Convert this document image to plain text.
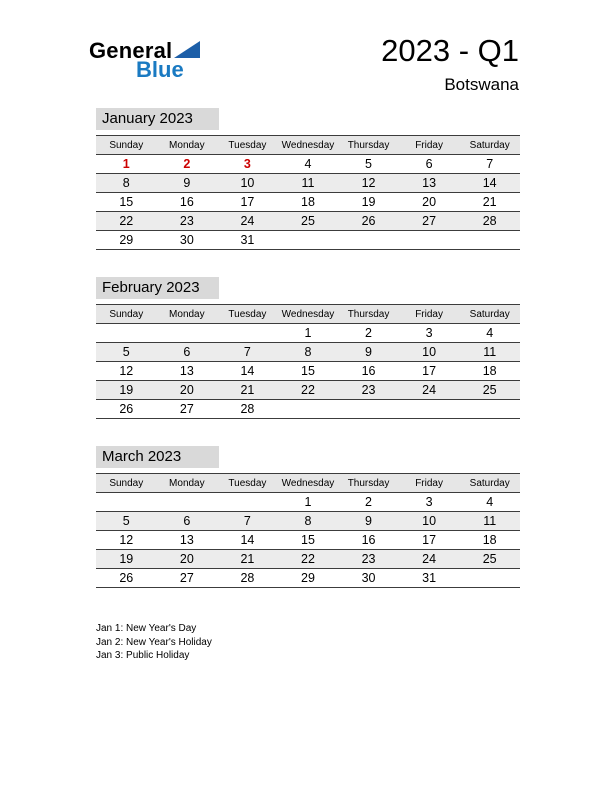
General
Blue
2023 - Q1
Botswana
January 2023
Sunday	Monday	Tuesday	Wednesday	Thursday	Friday	Saturday
1	2	3	4	5	6	7
8	9	10	11	12	13	14
15	16	17	18	19	20	21
22	23	24	25	26	27	28
29	30	31				
February 2023
Sunday	Monday	Tuesday	Wednesday	Thursday	Friday	Saturday
			1	2	3	4
5	6	7	8	9	10	11
12	13	14	15	16	17	18
19	20	21	22	23	24	25
26	27	28				
March 2023
Sunday	Monday	Tuesday	Wednesday	Thursday	Friday	Saturday
			1	2	3	4
5	6	7	8	9	10	11
12	13	14	15	16	17	18
19	20	21	22	23	24	25
26	27	28	29	30	31	
Jan 1: New Year's Day
Jan 2: New Year's Holiday
Jan 3: Public Holiday
